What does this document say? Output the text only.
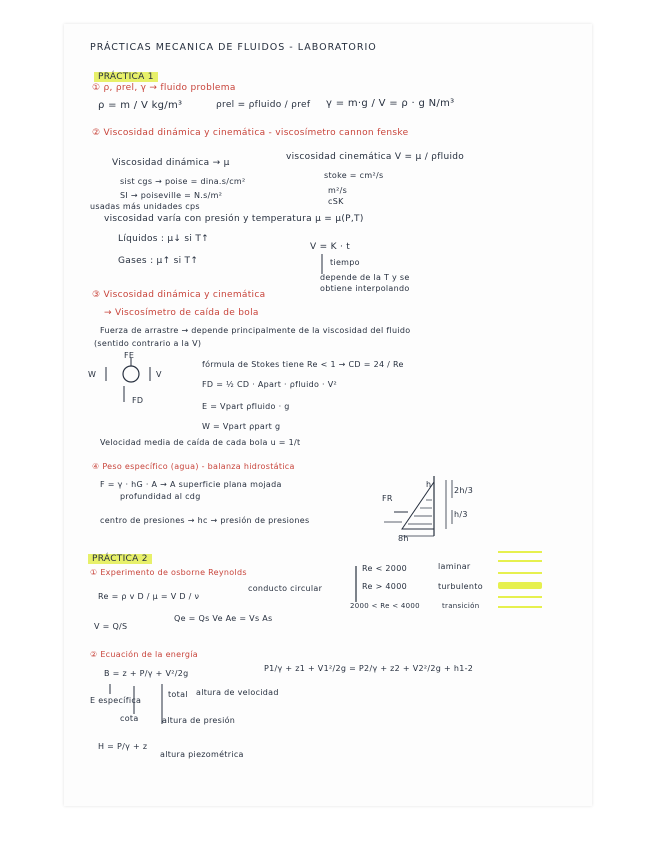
PRÁCTICAS MECANICA DE FLUIDOS - LABORATORIO
PRÁCTICA 1
① ρ, ρrel, γ → fluido problema
ρ = m / V kg/m³	ρrel = ρfluido / ρref γ = m·g / V = ρ · g N/m³
② Viscosidad dinámica y cinemática - viscosímetro cannon fenske
Viscosidad dinámica → μ
viscosidad cinemática V = μ / ρfluido
sist cgs → poise = dina.s/cm²
stoke = cm²/s
SI → poiseville = N.s/m²
m²/s
usadas más unidades cps
cSK
viscosidad varía con presión y temperatura μ = μ(P,T)
Líquidos : μ↓ si T↑
Gases : μ↑ si T↑
V = K · t
tiempo
depende de la T y se
obtiene interpolando
③ Viscosidad dinámica y cinemática
→ Viscosímetro de caída de bola
Fuerza de arrastre → depende principalmente de la viscosidad del fluido
(sentido contrario a la V)
FE
W	V
FD
fórmula de Stokes tiene Re < 1 → CD = 24 / Re
FD = ½ CD · Apart · ρfluido · V²
E = Vpart ρfluido · g
W = Vpart ρpart g
Velocidad media de caída de cada bola u = 1/t
④ Peso específico (agua) - balanza hidrostática
F = γ · hG · A → A superficie plana mojada
profundidad al cdg
centro de presiones → hc → presión de presiones
2h/3
h/3
h
FR
8h
PRÁCTICA 2
① Experimento de osborne Reynolds
Re = ρ v D / μ = V D / ν
conducto circular
Re < 2000	laminar
Re > 4000	turbulento
2000 < Re < 4000	transición
V = Q/S
Qe = Qs Ve Ae = Vs As
② Ecuación de la energía
B = z + P/γ + V²/2g
P1/γ + z1 + V1²/2g = P2/γ + z2 + V2²/2g + h1-2
E específica
total altura de velocidad
cota	altura de presión
H = P/γ + z
altura piezométrica
